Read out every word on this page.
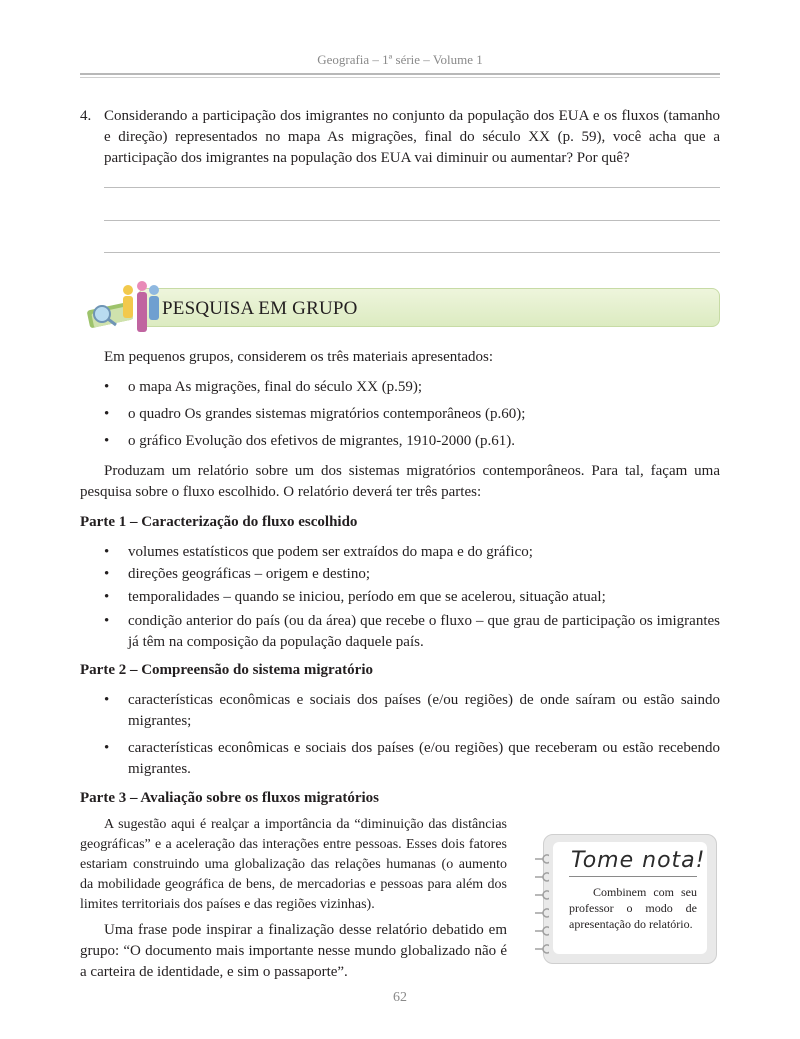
Geografia – 1ª série – Volume 1
4. Considerando a participação dos imigrantes no conjunto da população dos EUA e os fluxos (tamanho e direção) representados no mapa As migrações, final do século XX (p. 59), você acha que a participação dos imigrantes na população dos EUA vai diminuir ou aumentar? Por quê?
PESQUISA EM GRUPO
Em pequenos grupos, considerem os três materiais apresentados:
• o mapa As migrações, final do século XX (p.59);
• o quadro Os grandes sistemas migratórios contemporâneos (p.60);
• o gráfico Evolução dos efetivos de migrantes, 1910-2000 (p.61).
Produzam um relatório sobre um dos sistemas migratórios contemporâneos. Para tal, façam uma pesquisa sobre o fluxo escolhido. O relatório deverá ter três partes:
Parte 1 – Caracterização do fluxo escolhido
• volumes estatísticos que podem ser extraídos do mapa e do gráfico;
• direções geográficas – origem e destino;
• temporalidades – quando se iniciou, período em que se acelerou, situação atual;
• condição anterior do país (ou da área) que recebe o fluxo – que grau de participação os imigrantes já têm na composição da população daquele país.
Parte 2 – Compreensão do sistema migratório
• características econômicas e sociais dos países (e/ou regiões) de onde saíram ou estão saindo migrantes;
• características econômicas e sociais dos países (e/ou regiões) que receberam ou estão recebendo migrantes.
Parte 3 – Avaliação sobre os fluxos migratórios
A sugestão aqui é realçar a importância da “diminuição das distâncias geográficas” e a aceleração das interações entre pessoas. Esses dois fatores estariam construindo uma globalização das relações humanas (o aumento da mobilidade geográfica de bens, de mercadorias e pessoas para além dos limites territoriais dos países e das regiões vizinhas).
Uma frase pode inspirar a finalização desse relatório debatido em grupo: “O documento mais importante nesse mundo globalizado não é a carteira de identidade, e sim o passaporte”.
Tome nota!
Combinem com seu professor o modo de apresentação do relatório.
62
